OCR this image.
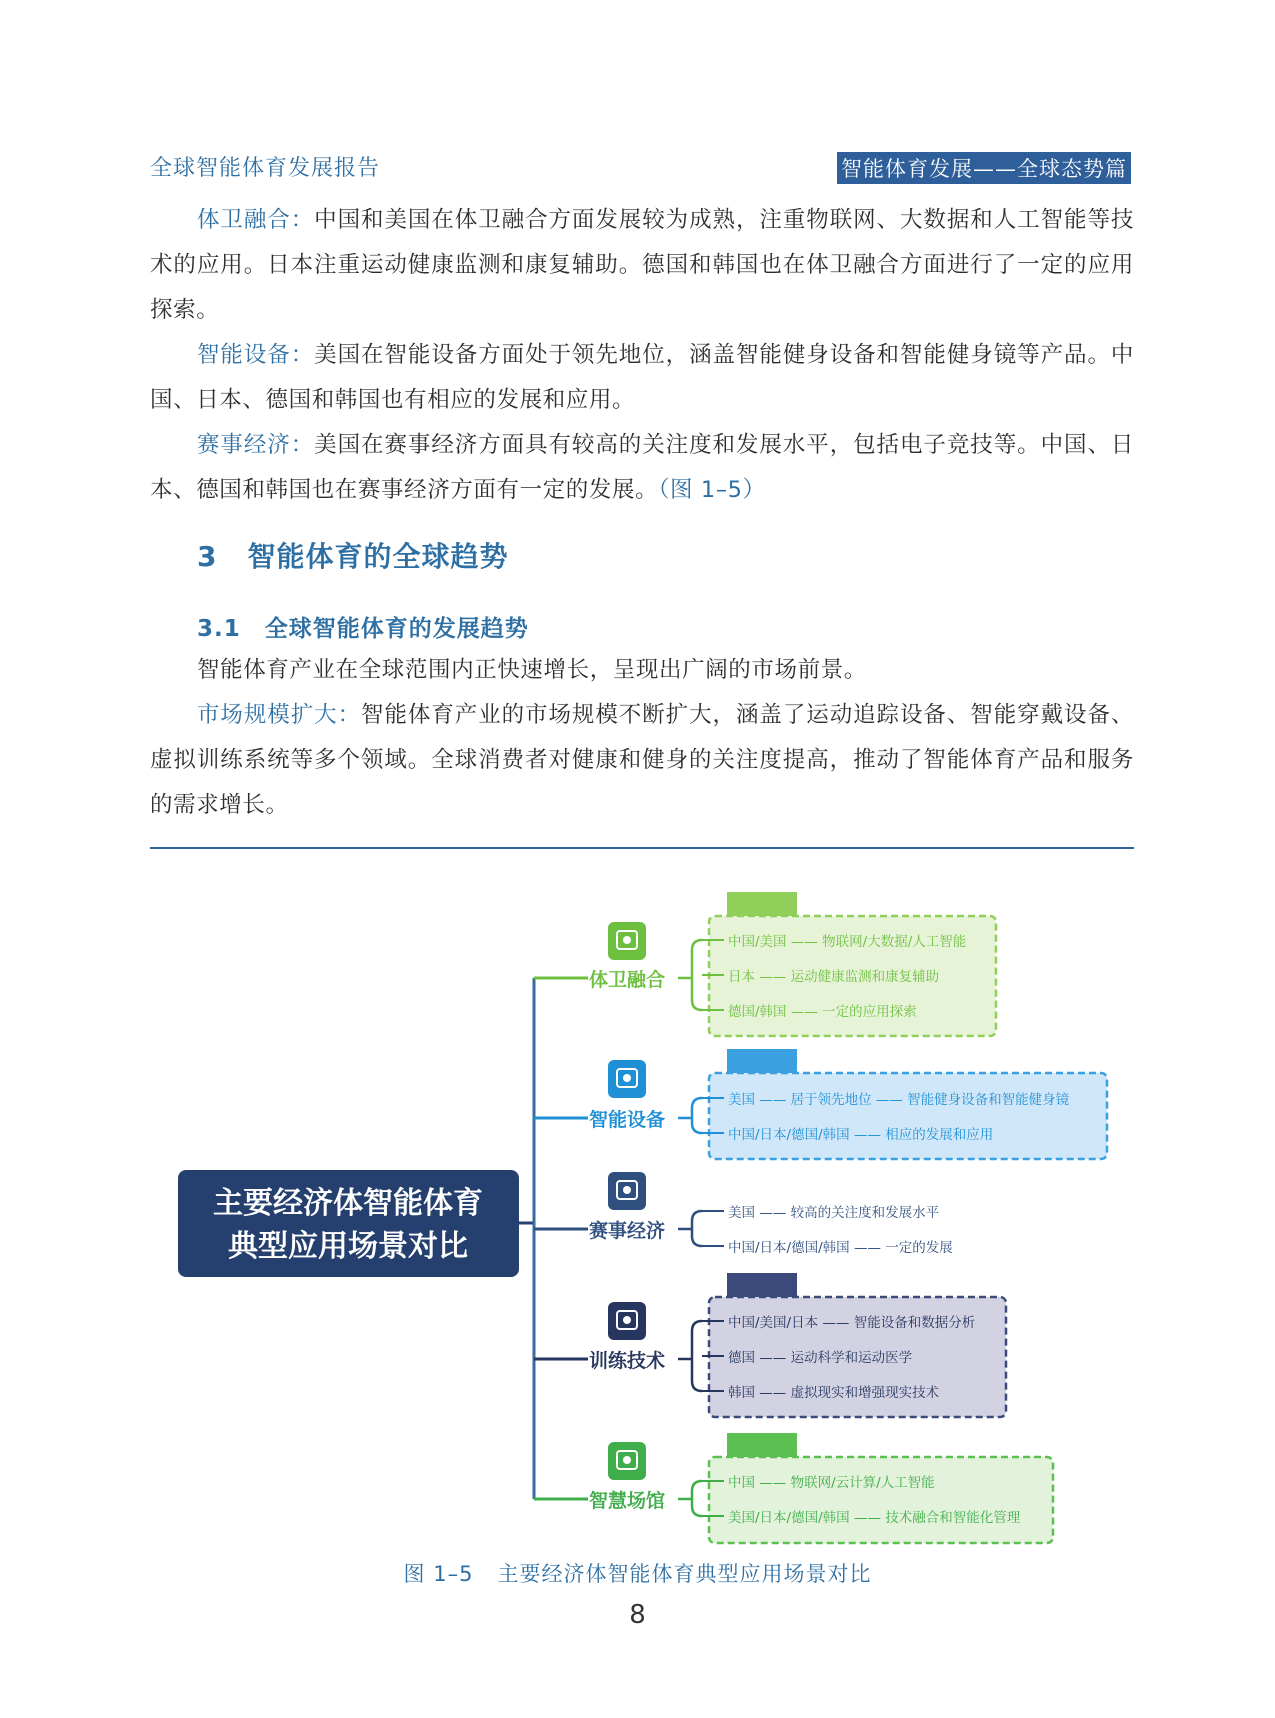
全球智能体育发展报告	智能体育发展——全球态势篇

体卫融合：中国和美国在体卫融合方面发展较为成熟，注重物联网、大数据和人工智能等技术的应用。日本注重运动健康监测和康复辅助。德国和韩国也在体卫融合方面进行了一定的应用探索。

智能设备：美国在智能设备方面处于领先地位，涵盖智能健身设备和智能健身镜等产品。中国、日本、德国和韩国也有相应的发展和应用。

赛事经济：美国在赛事经济方面具有较高的关注度和发展水平，包括电子竞技等。中国、日本、德国和韩国也在赛事经济方面有一定的发展。（图 1–5）

3 智能体育的全球趋势
3.1 全球智能体育的发展趋势

智能体育产业在全球范围内正快速增长，呈现出广阔的市场前景。

市场规模扩大：智能体育产业的市场规模不断扩大，涵盖了运动追踪设备、智能穿戴设备、虚拟训练系统等多个领域。全球消费者对健康和健身的关注度提高，推动了智能体育产品和服务的需求增长。

主要经济体智能体育
典型应用场景对比
体卫融合
中国/美国 —— 物联网/大数据/人工智能
日本 —— 运动健康监测和康复辅助
德国/韩国 —— 一定的应用探索
智能设备
美国 —— 居于领先地位 —— 智能健身设备和智能健身镜
中国/日本/德国/韩国 —— 相应的发展和应用
赛事经济
美国 —— 较高的关注度和发展水平
中国/日本/德国/韩国 —— 一定的发展
训练技术
中国/美国/日本 —— 智能设备和数据分析
德国 —— 运动科学和运动医学
韩国 —— 虚拟现实和增强现实技术
智慧场馆
中国 —— 物联网/云计算/人工智能
美国/日本/德国/韩国 —— 技术融合和智能化管理
图 1–5 主要经济体智能体育典型应用场景对比
8
